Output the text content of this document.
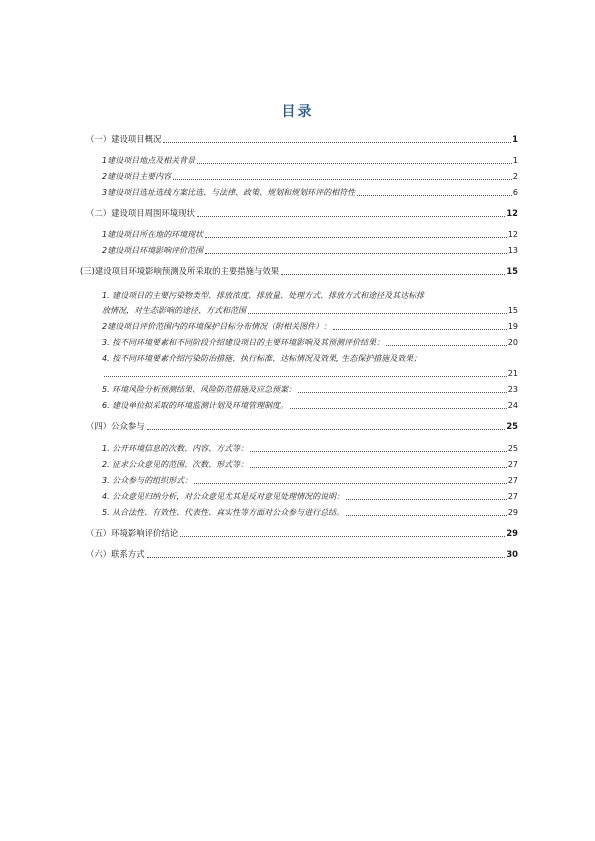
目录
（一）建设项目概况	1
1建设项目地点及相关背景	1
2建设项目主要内容	2
3建设项目选址选线方案比选、与法律、政策、规划和规划环评的相符性	6
（二）建设项目周围环境现状	12
1建设项目所在地的环境现状	12
2建设项目环境影响评价范围	13
(三)建设项目环境影响预测及所采取的主要措施与效果	15
1. 建设项目的主要污染物类型、排放浓度、排放量、处理方式、排放方式和途径及其达标排
放情况，对生态影响的途径、方式和范围	15
2建设项目评价范围内的环境保护目标分布情况（附相关图件）：	19
3. 按不同环境要素和不同阶段介绍建设项目的主要环境影响及其预测评价结果：	20
4. 按不同环境要素介绍污染防治措施、执行标准、达标情况及效果, 生态保护措施及效果；
21
5. 环境风险分析预测结果、风险防范措施及应急预案：	23
6. 建设单位拟采取的环境监测计划及环境管理制度。	24
（四）公众参与	25
1. 公开环境信息的次数、内容、方式等：	25
2. 征求公众意见的范围、次数、形式等：	27
3. 公众参与的组织形式：	27
4. 公众意见归纳分析，对公众意见尤其是反对意见处理情况的说明：	27
5. 从合法性、有效性、代表性、真实性等方面对公众参与进行总结。	29
（五）环境影响评价结论	29
（六）联系方式	30
